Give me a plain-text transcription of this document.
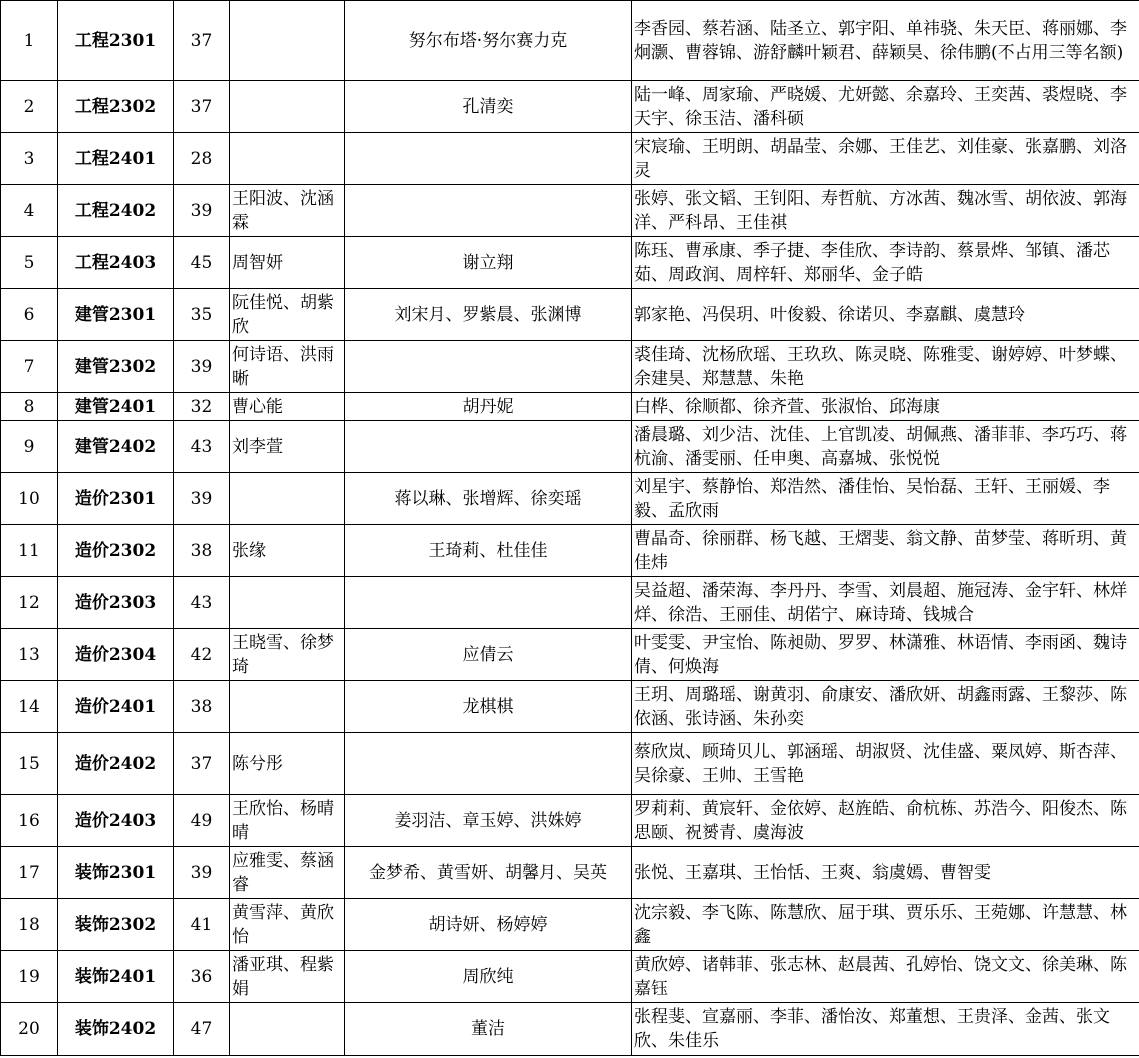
1	工程2301	37		努尔布塔·努尔赛力克	李香园、蔡若涵、陆圣立、郭宇阳、单祎骁、朱天臣、蒋丽娜、李炯灏、曹蓉锦、游舒麟叶颖君、薛颖昊、徐伟鹏(不占用三等名额)
2	工程2302	37		孔清奕	陆一峰、周家瑜、严晓媛、尤妍懿、余嘉玲、王奕茜、裘煜晓、李天宇、徐玉洁、潘科硕
3	工程2401	28			宋宸瑜、王明朗、胡晶莹、余娜、王佳艺、刘佳豪、张嘉鹏、刘洛灵
4	工程2402	39	王阳波、沈涵霖		张婷、张文韬、王钊阳、寿哲航、方冰茜、魏冰雪、胡依波、郭海洋、严科昂、王佳祺
5	工程2403	45	周智妍	谢立翔	陈珏、曹承康、季子捷、李佳欣、李诗韵、蔡景烨、邹镇、潘芯茹、周政润、周梓轩、郑丽华、金子皓
6	建管2301	35	阮佳悦、胡紫欣	刘宋月、罗紫晨、张渊博	郭家艳、冯俣玥、叶俊毅、徐诺贝、李嘉麒、虞慧玲
7	建管2302	39	何诗语、洪雨晰		裘佳琦、沈杨欣瑶、王玖玖、陈灵晓、陈雅雯、谢婷婷、叶梦蝶、余建昊、郑慧慧、朱艳
8	建管2401	32	曹心能	胡丹妮	白桦、徐顺都、徐齐萱、张淑怡、邱海康
9	建管2402	43	刘李萱		潘晨璐、刘少洁、沈佳、上官凯凌、胡佩燕、潘菲菲、李巧巧、蒋杭渝、潘雯丽、任申奥、高嘉城、张悦悦
10	造价2301	39		蒋以琳、张增辉、徐奕瑶	刘星宇、蔡静怡、郑浩然、潘佳怡、吴怡磊、王轩、王丽媛、李毅、孟欣雨
11	造价2302	38	张缘	王琦莉、杜佳佳	曹晶奇、徐丽群、杨飞越、王熠斐、翁文静、苗梦莹、蒋昕玥、黄佳炜
12	造价2303	43			吴益超、潘荣海、李丹丹、李雪、刘晨超、施冠涛、金宇轩、林烊烊、徐浩、王丽佳、胡偌宁、麻诗琦、钱城合
13	造价2304	42	王晓雪、徐梦琦	应倩云	叶雯雯、尹宝怡、陈昶勋、罗罗、林潇雅、林语情、李雨函、魏诗倩、何焕海
14	造价2401	38		龙棋棋	王玥、周璐瑶、谢黄羽、俞康安、潘欣妍、胡鑫雨露、王黎莎、陈依涵、张诗涵、朱孙奕
15	造价2402	37	陈兮彤		蔡欣岚、顾琦贝儿、郭涵瑶、胡淑贤、沈佳盛、粟凤婷、斯杏萍、吴徐豪、王帅、王雪艳
16	造价2403	49	王欣怡、杨晴晴	姜羽洁、章玉婷、洪姝婷	罗莉莉、黄宸轩、金依婷、赵旌皓、俞杭栋、苏浩今、阳俊杰、陈思颐、祝赟青、虞海波
17	装饰2301	39	应雅雯、蔡涵睿	金梦希、黄雪妍、胡馨月、吴英	张悦、王嘉琪、王怡恬、王爽、翁虞嫣、曹智雯
18	装饰2302	41	黄雪萍、黄欣怡	胡诗妍、杨婷婷	沈宗毅、李飞陈、陈慧欣、屈于琪、贾乐乐、王菀娜、许慧慧、林鑫
19	装饰2401	36	潘亚琪、程紫娟	周欣纯	黄欣婷、诸韩菲、张志林、赵晨茜、孔婷怡、饶文文、徐美琳、陈嘉钰
20	装饰2402	47		董洁	张程斐、宣嘉丽、李菲、潘怡汝、郑董想、王贵泽、金茜、张文欣、朱佳乐
